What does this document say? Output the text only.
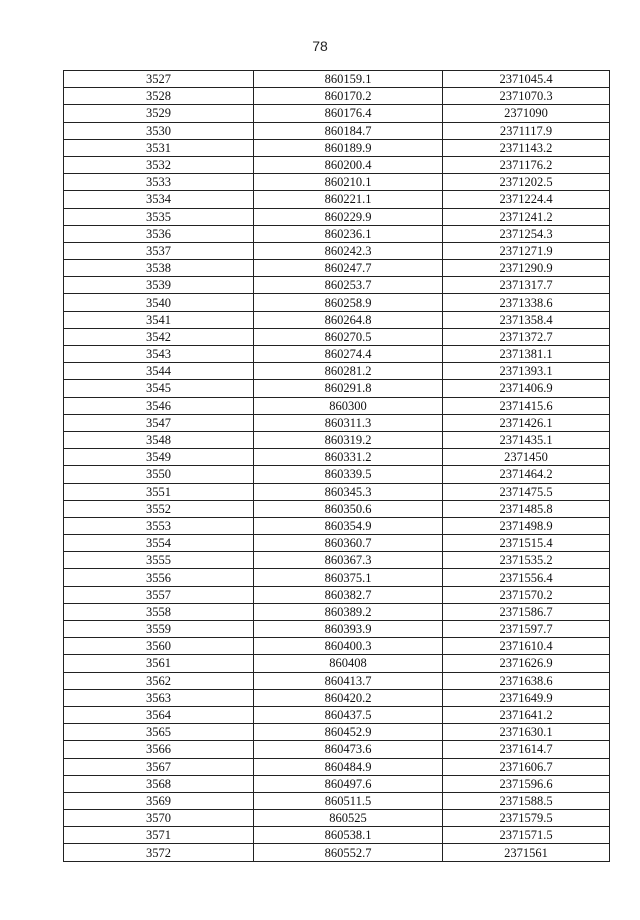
78
3527	860159.1	2371045.4
3528	860170.2	2371070.3
3529	860176.4	2371090
3530	860184.7	2371117.9
3531	860189.9	2371143.2
3532	860200.4	2371176.2
3533	860210.1	2371202.5
3534	860221.1	2371224.4
3535	860229.9	2371241.2
3536	860236.1	2371254.3
3537	860242.3	2371271.9
3538	860247.7	2371290.9
3539	860253.7	2371317.7
3540	860258.9	2371338.6
3541	860264.8	2371358.4
3542	860270.5	2371372.7
3543	860274.4	2371381.1
3544	860281.2	2371393.1
3545	860291.8	2371406.9
3546	860300	2371415.6
3547	860311.3	2371426.1
3548	860319.2	2371435.1
3549	860331.2	2371450
3550	860339.5	2371464.2
3551	860345.3	2371475.5
3552	860350.6	2371485.8
3553	860354.9	2371498.9
3554	860360.7	2371515.4
3555	860367.3	2371535.2
3556	860375.1	2371556.4
3557	860382.7	2371570.2
3558	860389.2	2371586.7
3559	860393.9	2371597.7
3560	860400.3	2371610.4
3561	860408	2371626.9
3562	860413.7	2371638.6
3563	860420.2	2371649.9
3564	860437.5	2371641.2
3565	860452.9	2371630.1
3566	860473.6	2371614.7
3567	860484.9	2371606.7
3568	860497.6	2371596.6
3569	860511.5	2371588.5
3570	860525	2371579.5
3571	860538.1	2371571.5
3572	860552.7	2371561
